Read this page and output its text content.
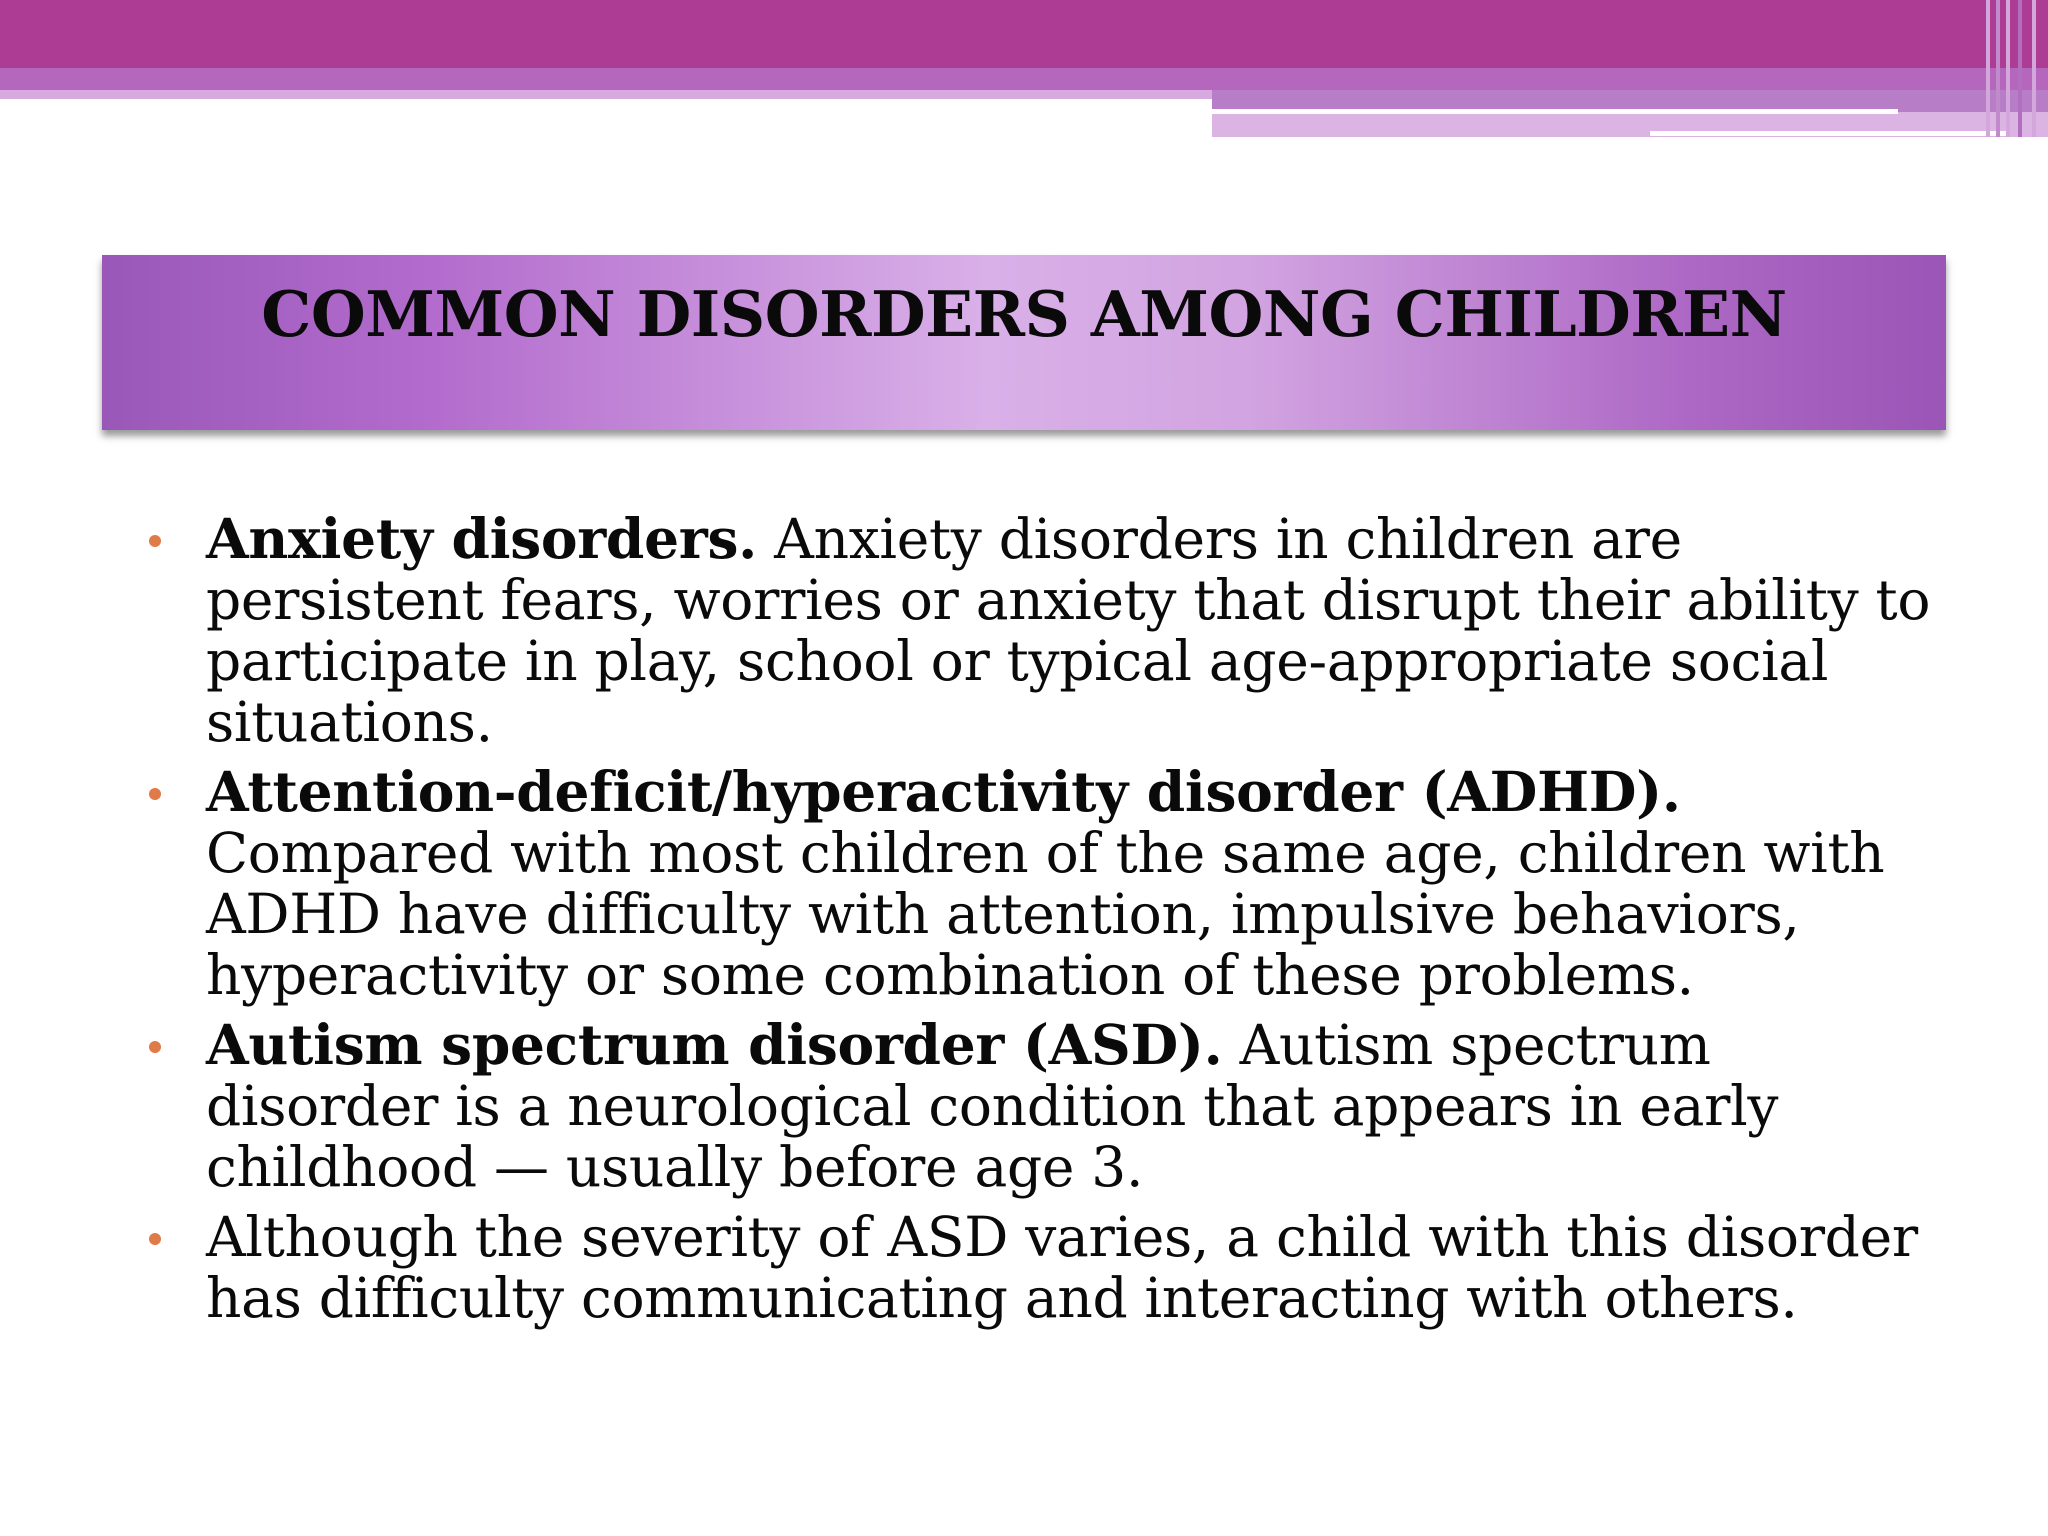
COMMON DISORDERS AMONG CHILDREN
Anxiety disorders. Anxiety disorders in children are persistent fears, worries or anxiety that disrupt their ability to participate in play, school or typical age-appropriate social situations.
Attention-deficit/hyperactivity disorder (ADHD). Compared with most children of the same age, children with ADHD have difficulty with attention, impulsive behaviors, hyperactivity or some combination of these problems.
Autism spectrum disorder (ASD). Autism spectrum disorder is a neurological condition that appears in early childhood — usually before age 3.
Although the severity of ASD varies, a child with this disorder has difficulty communicating and interacting with others.
